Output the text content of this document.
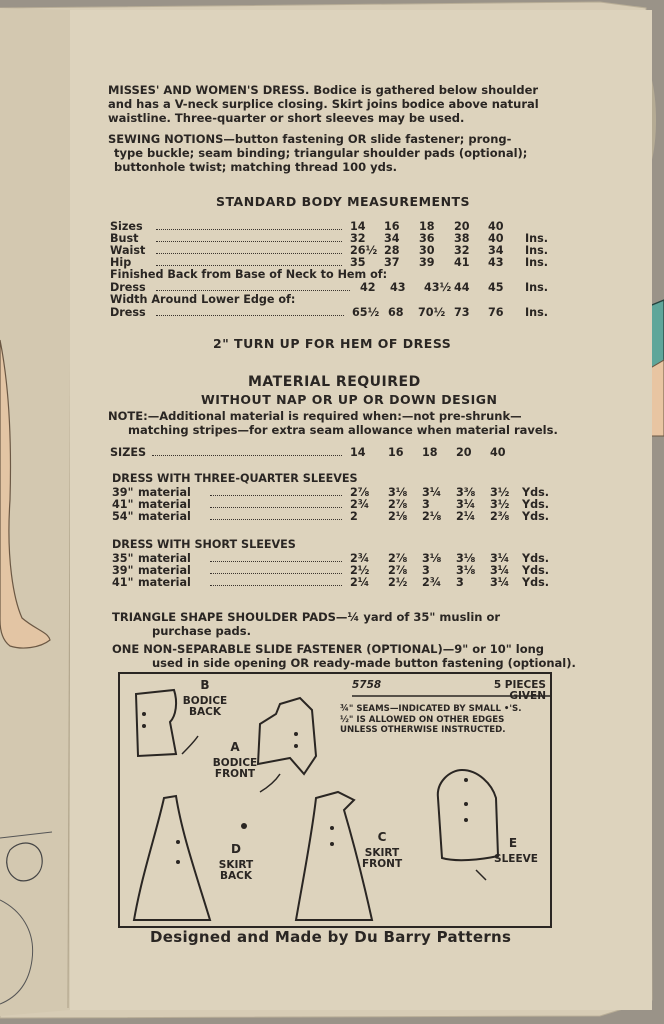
MISSES' AND WOMEN'S DRESS. Bodice is gathered below shoulder
and has a V-neck surplice closing. Skirt joins bodice above natural
waistline. Three-quarter or short sleeves may be used.
SEWING NOTIONS—button fastening OR slide fastener; prong-
type buckle; seam binding; triangular shoulder pads (optional);
buttonhole twist; matching thread 100 yds.
STANDARD BODY MEASUREMENTS
Sizes	14 16 18 20 40
Bust	32 34 36 38 40 Ins.
Waist	26½ 28 30 32 34 Ins.
Hip	35 37 39 41 43 Ins.
Finished Back from Base of Neck to Hem of:
Dress	42 43 43½ 44 45 Ins.
Width Around Lower Edge of:
Dress	65½ 68 70½ 73 76 Ins.
2" TURN UP FOR HEM OF DRESS
MATERIAL REQUIRED
WITHOUT NAP OR UP OR DOWN DESIGN
NOTE:—Additional material is required when:—not pre-shrunk—
matching stripes—for extra seam allowance when material ravels.
SIZES	14 16 18 20 40
DRESS WITH THREE-QUARTER SLEEVES
39" material	2⅞ 3⅛ 3¼ 3⅜ 3½ Yds.
41" material	2¾ 2⅞ 3 3¼ 3½ Yds.
54" material	2	2⅛ 2⅛ 2¼ 2⅜ Yds.
DRESS WITH SHORT SLEEVES
35" material	2¾ 2⅞ 3⅛ 3⅛ 3¼ Yds.
39" material	2½ 2⅞ 3 3⅛ 3¼ Yds.
41" material	2¼ 2½ 2¾ 3 3¼ Yds.
TRIANGLE SHAPE SHOULDER PADS—¼ yard of 35" muslin or
purchase pads.
ONE NON-SEPARABLE SLIDE FASTENER (OPTIONAL)—9" or 10" long
used in side opening OR ready-made button fastening (optional).
5758	5 PIECES GIVEN
¾" SEAMS—INDICATED BY SMALL •'S.
½" IS ALLOWED ON OTHER EDGES
UNLESS OTHERWISE INSTRUCTED.
B
BODICE
BACK
A
BODICE
FRONT
D
SKIRT
BACK
C
SKIRT
FRONT
E
SLEEVE
Designed and Made by Du Barry Patterns
